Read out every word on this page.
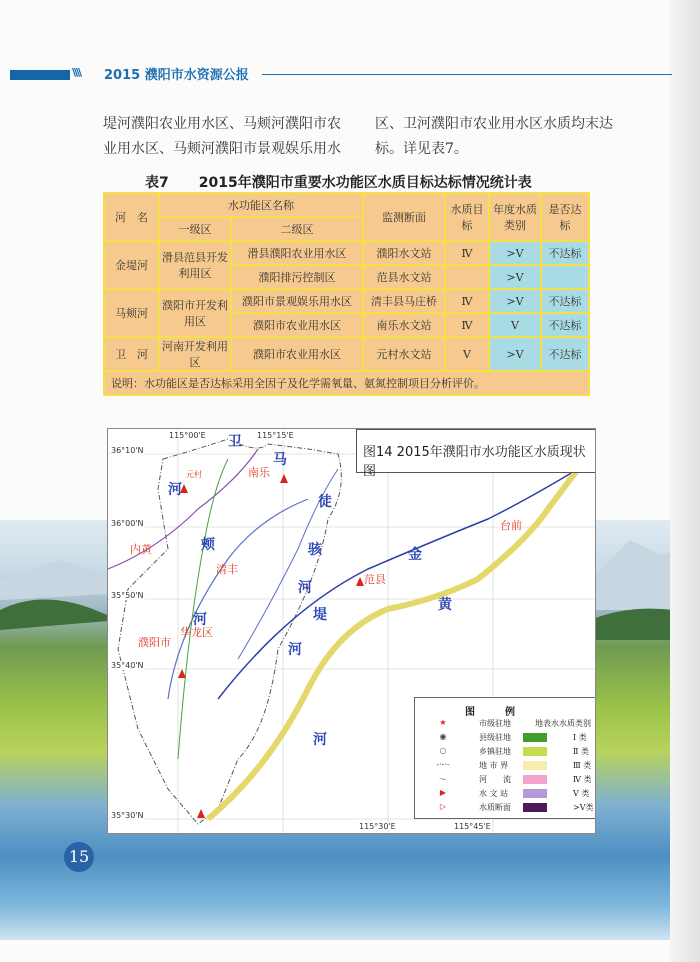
\\\\ 2015 濮阳市水资源公报
堤河濮阳农业用水区、马颊河濮阳市农
业用水区、马颊河濮阳市景观娱乐用水
区、卫河濮阳市农业用水区水质均末达
标。详见表7。
表7 2015年濮阳市重要水功能区水质目标达标情况统计表
河　名	水功能区名称		监测断面	水质目标	年度水质类别	是否达标
	一级区	二级区				
金堤河	滑县范县开发利用区	滑县濮阳农业用水区	濮阳水文站	Ⅳ	>Ⅴ	不达标
		濮阳排污控制区	范县水文站		>Ⅴ	
马颊河	濮阳市开发利用区	濮阳市景观娱乐用水区	清丰县马庄桥	Ⅳ	>Ⅴ	不达标
		濮阳市农业用水区	南乐水文站	Ⅳ	Ⅴ	不达标
卫　河	河南开发利用区	濮阳市农业用水区	元村水文站	Ⅴ	>Ⅴ	不达标
说明：水功能区是否达标采用全因子及化学需氧量、氨氮控制项目分析评价。						
内黄
清丰
南乐
濮阳市
华龙区
范县
台前
元村
卫
河
马
颊
河
徒
骇
河
金
堤
河
黄
河
115°00'E	115°15'E
115°30'E	115°45'E
36°10'N
36°00'N
35°50'N
35°40'N
35°30'N
图14 2015年濮阳市水功能区水质现状图
图例
★	市级驻地	地表水水质类别
◉	县级驻地	Ⅰ 类
○	乡镇驻地	Ⅱ 类
-·-·-	地 市 界	Ⅲ 类
～	河　　流	Ⅳ 类
▶	水 文 站	Ⅴ 类
▷	水质断面	>Ⅴ类
15
